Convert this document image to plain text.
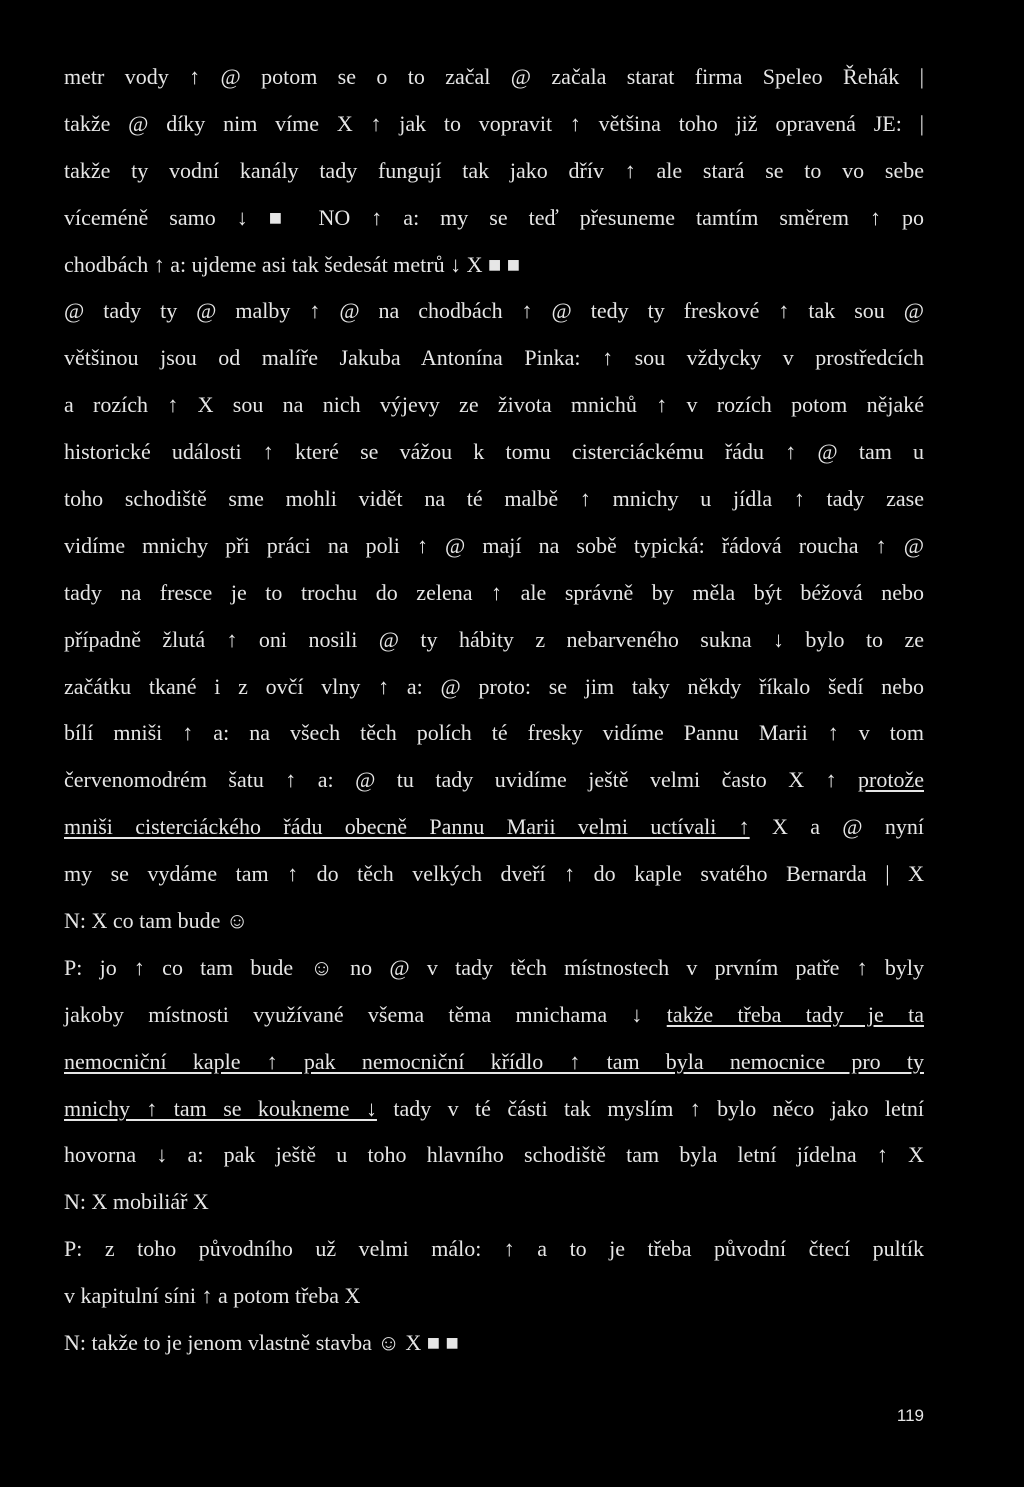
metr vody ↑ @ potom se o to začal @ začala starat firma Speleo Řehák |
takže @ díky nim víme X ↑ jak to vopravit ↑ většina toho již opravená JE: |
takže ty vodní kanály tady fungují tak jako dřív ↑ ale stará se to vo sebe
víceméně samo ↓ ■ NO ↑ a: my se teď přesuneme tamtím směrem ↑ po
chodbách ↑ a: ujdeme asi tak šedesát metrů ↓ X ■ ■
@ tady ty @ malby ↑ @ na chodbách ↑ @ tedy ty freskové ↑ tak sou @
většinou jsou od malíře Jakuba Antonína Pinka: ↑ sou vždycky v prostředcích
a rozích ↑ X sou na nich výjevy ze života mnichů ↑ v rozích potom nějaké
historické události ↑ které se vážou k tomu cisterciáckému řádu ↑ @ tam u
toho schodiště sme mohli vidět na té malbě ↑ mnichy u jídla ↑ tady zase
vidíme mnichy při práci na poli ↑ @ mají na sobě typická: řádová roucha ↑ @
tady na fresce je to trochu do zelena ↑ ale správně by měla být béžová nebo
případně žlutá ↑ oni nosili @ ty hábity z nebarveného sukna ↓ bylo to ze
začátku tkané i z ovčí vlny ↑ a: @ proto: se jim taky někdy říkalo šedí nebo
bílí mniši ↑ a: na všech těch polích té fresky vidíme Pannu Marii ↑ v tom
červenomodrém šatu ↑ a: @ tu tady uvidíme ještě velmi často X ↑ protože
mniši cisterciáckého řádu obecně Pannu Marii velmi uctívali ↑ X a @ nyní
my se vydáme tam ↑ do těch velkých dveří ↑ do kaple svatého Bernarda | X
N: X co tam bude ☺
P: jo ↑ co tam bude ☺ no @ v tady těch místnostech v prvním patře ↑ byly
jakoby místnosti využívané všema těma mnichama ↓ takže třeba tady je ta
nemocniční kaple ↑ pak nemocniční křídlo ↑ tam byla nemocnice pro ty
mnichy ↑ tam se koukneme ↓ tady v té části tak myslím ↑ bylo něco jako letní
hovorna ↓ a: pak ještě u toho hlavního schodiště tam byla letní jídelna ↑ X
N: X mobiliář X
P: z toho původního už velmi málo: ↑ a to je třeba původní čtecí pultík
v kapitulní síni ↑ a potom třeba X
N: takže to je jenom vlastně stavba ☺ X ■ ■
119
